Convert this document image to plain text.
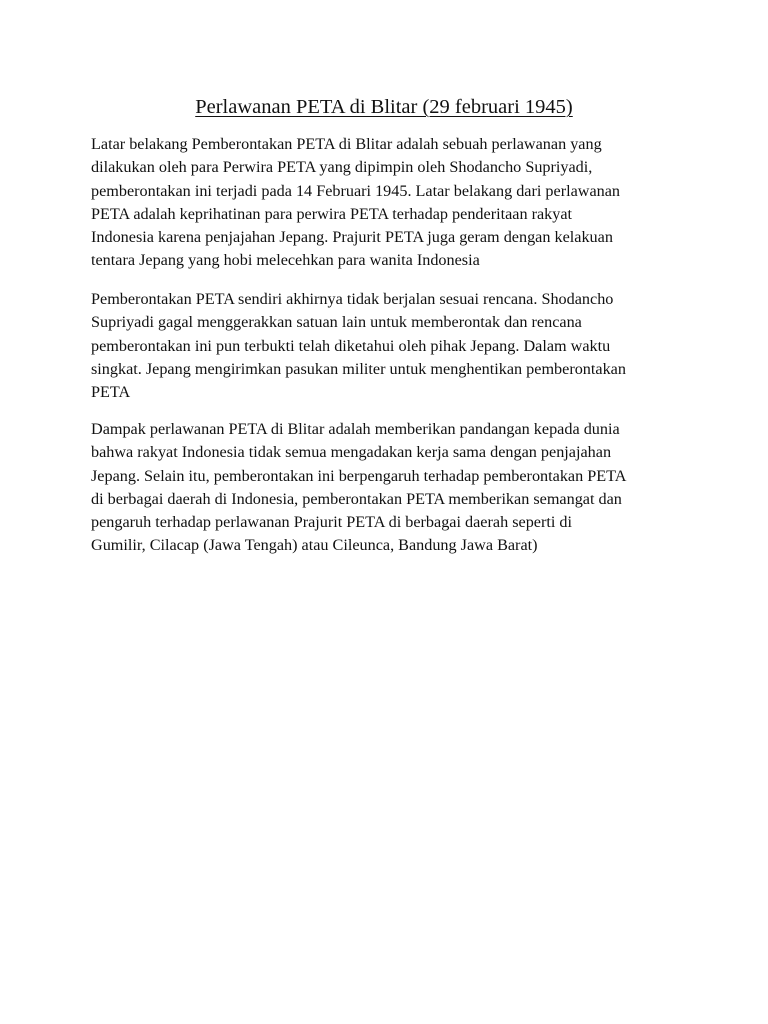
Perlawanan PETA di Blitar (29 februari 1945)

Latar belakang Pemberontakan PETA di Blitar adalah sebuah perlawanan yang
dilakukan oleh para Perwira PETA yang dipimpin oleh Shodancho Supriyadi,
pemberontakan ini terjadi pada 14 Februari 1945. Latar belakang dari perlawanan
PETA adalah keprihatinan para perwira PETA terhadap penderitaan rakyat
Indonesia karena penjajahan Jepang. Prajurit PETA juga geram dengan kelakuan
tentara Jepang yang hobi melecehkan para wanita Indonesia

Pemberontakan PETA sendiri akhirnya tidak berjalan sesuai rencana. Shodancho
Supriyadi gagal menggerakkan satuan lain untuk memberontak dan rencana
pemberontakan ini pun terbukti telah diketahui oleh pihak Jepang. Dalam waktu
singkat. Jepang mengirimkan pasukan militer untuk menghentikan pemberontakan
PETA

Dampak perlawanan PETA di Blitar adalah memberikan pandangan kepada dunia
bahwa rakyat Indonesia tidak semua mengadakan kerja sama dengan penjajahan
Jepang. Selain itu, pemberontakan ini berpengaruh terhadap pemberontakan PETA
di berbagai daerah di Indonesia, pemberontakan PETA memberikan semangat dan
pengaruh terhadap perlawanan Prajurit PETA di berbagai daerah seperti di
Gumilir, Cilacap (Jawa Tengah) atau Cileunca, Bandung Jawa Barat)
